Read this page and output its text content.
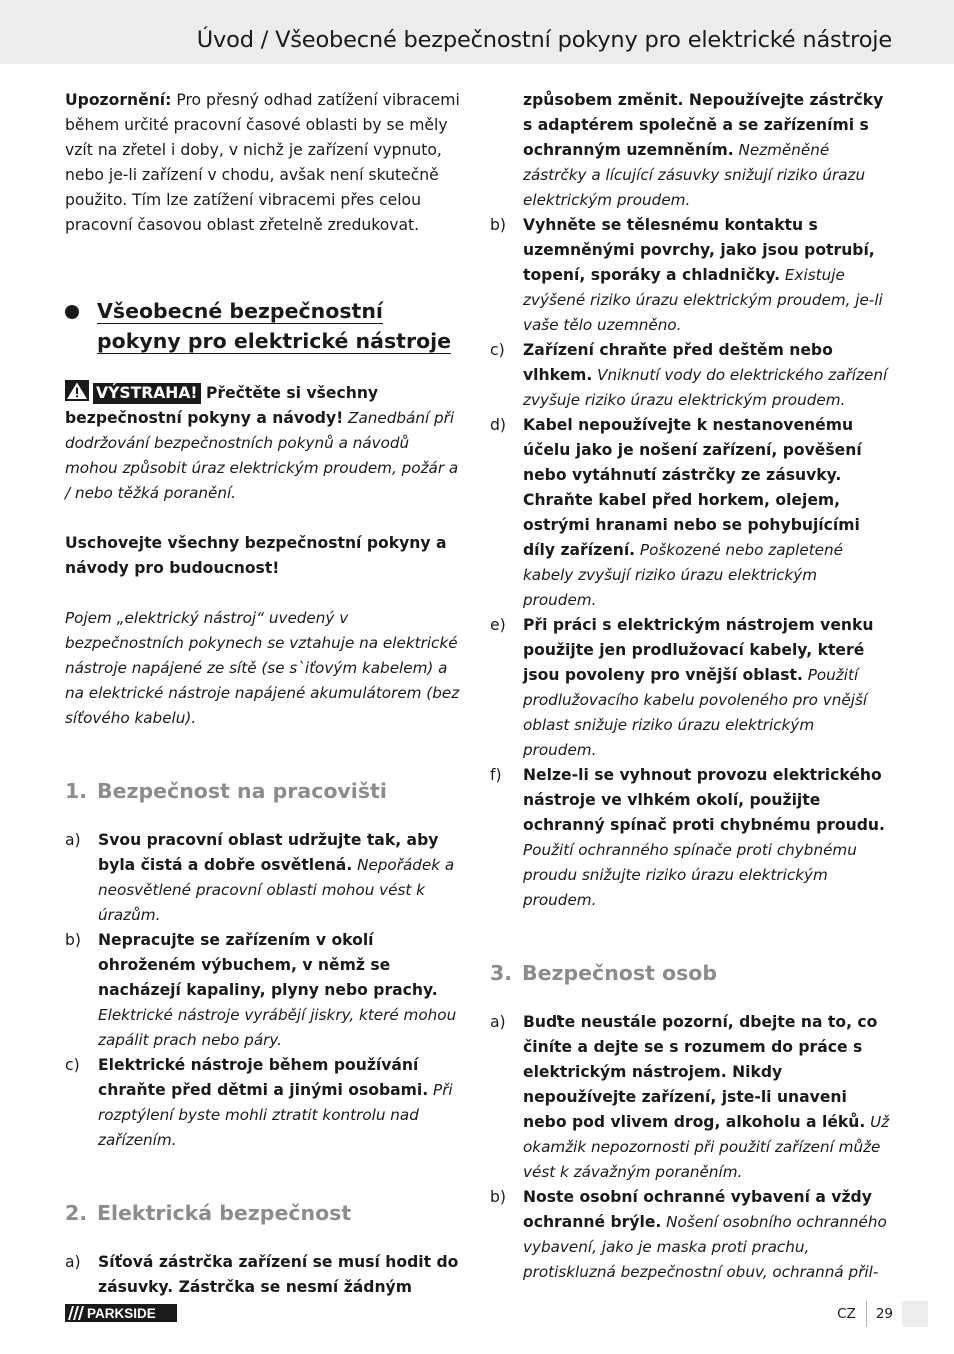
Úvod / Všeobecné bezpečnostní pokyny pro elektrické nástroje

Upozornění: Pro přesný odhad zatížení vibracemi během určité pracovní časové oblasti by se měly vzít na zřetel i doby, v nichž je zařízení vypnuto, nebo je-li zařízení v chodu, avšak není skutečně použito. Tím lze zatížení vibracemi přes celou pracovní časovou oblast zřetelně zredukovat.

Všeobecné bezpečnostní pokyny pro elektrické nástroje

VÝSTRAHA! Přečtěte si všechny bezpečnostní pokyny a návody! Zanedbání při dodržování bezpečnostních pokynů a návodů mohou způsobit úraz elektrickým proudem, požár a / nebo těžká poranění.

Uschovejte všechny bezpečnostní pokyny a návody pro budoucnost!

Pojem „elektrický nástroj“ uvedený v bezpečnostních pokynech se vztahuje na elektrické nástroje napájené ze sítě (se s`iťovým kabelem) a na elektrické nástroje napájené akumulátorem (bez síťového kabelu).

1. Bezpečnost na pracovišti
a) Svou pracovní oblast udržujte tak, aby byla čistá a dobře osvětlená. Nepořádek a neosvětlené pracovní oblasti mohou vést k úrazům.
b) Nepracujte se zařízením v okolí ohroženém výbuchem, v němž se nacházejí kapaliny, plyny nebo prachy. Elektrické nástroje vyrábějí jiskry, které mohou zapálit prach nebo páry.
c) Elektrické nástroje během používání chraňte před dětmi a jinými osobami. Při rozptýlení byste mohli ztratit kontrolu nad zařízením.
2. Elektrická bezpečnost
a) Síťová zástrčka zařízení se musí hodit do zásuvky. Zástrčka se nesmí žádným
způsobem změnit. Nepoužívejte zástrčky s adaptérem společně a se zařízeními s ochranným uzemněním. Nezměněné zástrčky a lícující zásuvky snižují riziko úrazu elektrickým proudem.
b) Vyhněte se tělesnému kontaktu s uzemněnými povrchy, jako jsou potrubí, topení, sporáky a chladničky. Existuje zvýšené riziko úrazu elektrickým proudem, je-li vaše tělo uzemněno.
c) Zařízení chraňte před deštěm nebo vlhkem. Vniknutí vody do elektrického zařízení zvyšuje riziko úrazu elektrickým proudem.
d) Kabel nepoužívejte k nestanovenému účelu jako je nošení zařízení, pověšení nebo vytáhnutí zástrčky ze zásuvky. Chraňte kabel před horkem, olejem, ostrými hranami nebo se pohybujícími díly zařízení. Poškozené nebo zapletené kabely zvyšují riziko úrazu elektrickým proudem.
e) Při práci s elektrickým nástrojem venku použijte jen prodlužovací kabely, které jsou povoleny pro vnější oblast. Použití prodlužovacího kabelu povoleného pro vnější oblast snižuje riziko úrazu elektrickým proudem.
f) Nelze-li se vyhnout provozu elektrického nástroje ve vlhkém okolí, použijte ochranný spínač proti chybnému proudu. Použití ochranného spínače proti chybnému proudu snižujte riziko úrazu elektrickým proudem.
3. Bezpečnost osob
a) Buďte neustále pozorní, dbejte na to, co činíte a dejte se s rozumem do práce s elektrickým nástrojem. Nikdy nepoužívejte zařízení, jste-li unaveni nebo pod vlivem drog, alkoholu a léků. Už okamžik nepozornosti při použití zařízení může vést k závažným poraněním.
b) Noste osobní ochranné vybavení a vždy ochranné brýle. Nošení osobního ochranného vybavení, jako je maska proti prachu, protiskluzná bezpečnostní obuv, ochranná přil-
PARKSIDE	CZ	29
